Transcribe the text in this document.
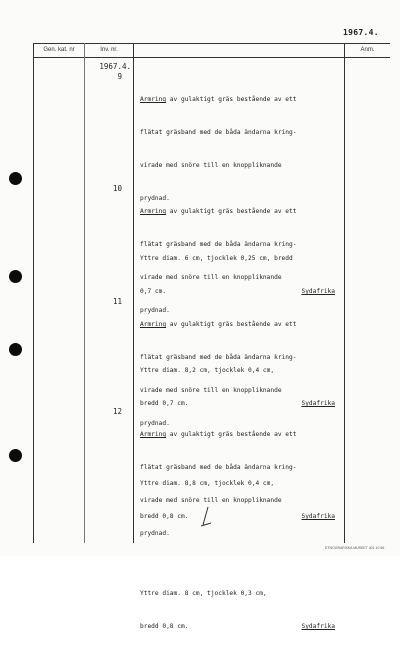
1967.4.
Gen. kat. nr	Inv. nr.	Anm.
1967.4.
9

Armring av gulaktigt gräs bestående av ett

flätat gräsband med de båda ändarna kring-

virade med snöre till en knoppliknande

prydnad.

Yttre diam. 6 cm, tjocklek 0,25 cm, bredd

0,7 cm.	Sydafrika

10

Armring av gulaktigt gräs bestående av ett

flätat gräsband med de båda ändarna kring-

virade med snöre till en knoppliknande

prydnad.

Yttre diam. 8,2 cm, tjocklek 0,4 cm,

bredd 0,7 cm.	Sydafrika

11

Armring av gulaktigt gräs bestående av ett

flätat gräsband med de båda ändarna kring-

virade med snöre till en knoppliknande

prydnad.

Yttre diam. 8,8 cm, tjocklek 0,4 cm,

bredd 0,8 cm.	Sydafrika

12

Armring av gulaktigt gräs bestående av ett

flätat gräsband med de båda ändarna kring-

virade med snöre till en knoppliknande

prydnad.

Yttre diam. 8 cm, tjocklek 0,3 cm,

bredd 0,8 cm.	Sydafrika

ETNOGRAFISKA MUSEET 401 10 66
